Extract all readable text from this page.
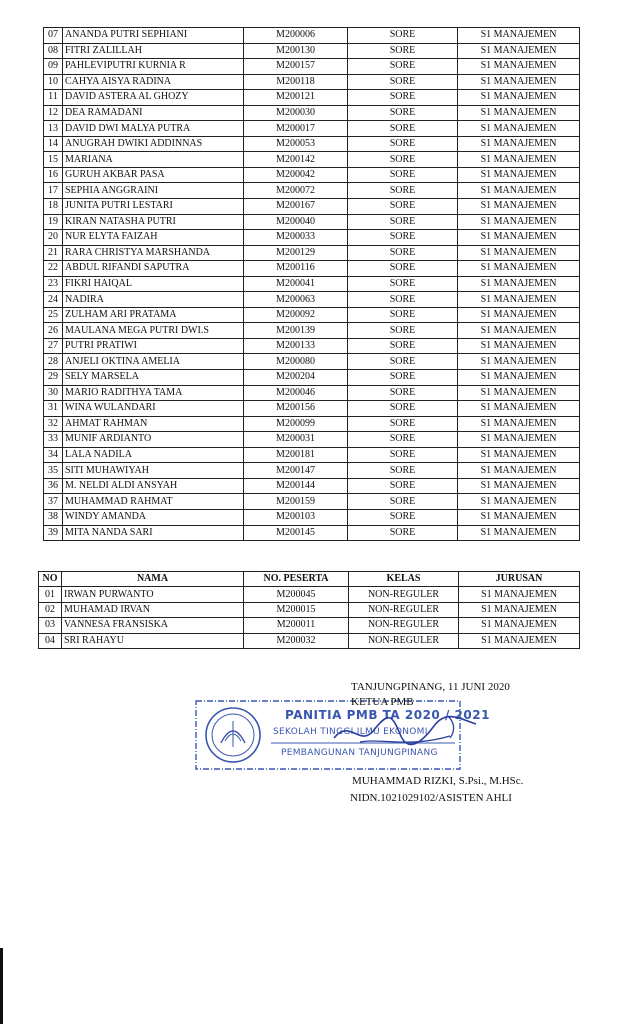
07	ANANDA PUTRI SEPHIANI	M200006	SORE	S1 MANAJEMEN
08	FITRI ZALILLAH	M200130	SORE	S1 MANAJEMEN
09	PAHLEVIPUTRI KURNIA R	M200157	SORE	S1 MANAJEMEN
10	CAHYA AISYA RADINA	M200118	SORE	S1 MANAJEMEN
11	DAVID ASTERA AL GHOZY	M200121	SORE	S1 MANAJEMEN
12	DEA RAMADANI	M200030	SORE	S1 MANAJEMEN
13	DAVID DWI MALYA PUTRA	M200017	SORE	S1 MANAJEMEN
14	ANUGRAH DWIKI ADDINNAS	M200053	SORE	S1 MANAJEMEN
15	MARIANA	M200142	SORE	S1 MANAJEMEN
16	GURUH AKBAR PASA	M200042	SORE	S1 MANAJEMEN
17	SEPHIA ANGGRAINI	M200072	SORE	S1 MANAJEMEN
18	JUNITA PUTRI LESTARI	M200167	SORE	S1 MANAJEMEN
19	KIRAN NATASHA PUTRI	M200040	SORE	S1 MANAJEMEN
20	NUR ELYTA FAIZAH	M200033	SORE	S1 MANAJEMEN
21	RARA CHRISTYA MARSHANDA	M200129	SORE	S1 MANAJEMEN
22	ABDUL RIFANDI SAPUTRA	M200116	SORE	S1 MANAJEMEN
23	FIKRI HAIQAL	M200041	SORE	S1 MANAJEMEN
24	NADIRA	M200063	SORE	S1 MANAJEMEN
25	ZULHAM ARI PRATAMA	M200092	SORE	S1 MANAJEMEN
26	MAULANA MEGA PUTRI DWI.S	M200139	SORE	S1 MANAJEMEN
27	PUTRI PRATIWI	M200133	SORE	S1 MANAJEMEN
28	ANJELI OKTINA AMELIA	M200080	SORE	S1 MANAJEMEN
29	SELY MARSELA	M200204	SORE	S1 MANAJEMEN
30	MARIO RADITHYA TAMA	M200046	SORE	S1 MANAJEMEN
31	WINA WULANDARI	M200156	SORE	S1 MANAJEMEN
32	AHMAT RAHMAN	M200099	SORE	S1 MANAJEMEN
33	MUNIF ARDIANTO	M200031	SORE	S1 MANAJEMEN
34	LALA NADILA	M200181	SORE	S1 MANAJEMEN
35	SITI MUHAWIYAH	M200147	SORE	S1 MANAJEMEN
36	M. NELDI ALDI ANSYAH	M200144	SORE	S1 MANAJEMEN
37	MUHAMMAD RAHMAT	M200159	SORE	S1 MANAJEMEN
38	WINDY AMANDA	M200103	SORE	S1 MANAJEMEN
39	MITA NANDA SARI	M200145	SORE	S1 MANAJEMEN
NO	NAMA	NO. PESERTA	KELAS	JURUSAN
01	IRWAN PURWANTO	M200045	NON-REGULER	S1 MANAJEMEN
02	MUHAMAD IRVAN	M200015	NON-REGULER	S1 MANAJEMEN
03	VANNESA FRANSISKA	M200011	NON-REGULER	S1 MANAJEMEN
04	SRI RAHAYU	M200032	NON-REGULER	S1 MANAJEMEN
PANITIA PMB TA 2020 / 2021
SEKOLAH TINGGI ILMU EKONOMI
PEMBANGUNAN TANJUNGPINANG
TANJUNGPINANG, 11 JUNI 2020
KETUA PMB
MUHAMMAD RIZKI, S.Psi., M.HSc.
NIDN.1021029102/ASISTEN AHLI
